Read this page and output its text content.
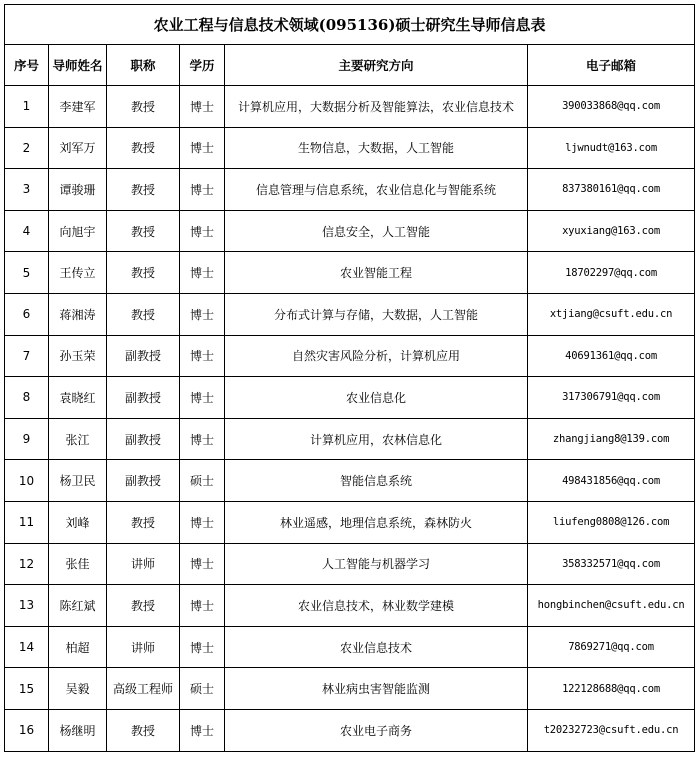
农业工程与信息技术领域(095136)硕士研究生导师信息表					
序号	导师姓名	职称	学历	主要研究方向	电子邮箱
1	李建军	教授	博士	计算机应用，大数据分析及智能算法，农业信息技术	390033868@qq.com
2	刘军万	教授	博士	生物信息，大数据，人工智能	ljwnudt@163.com
3	谭骏珊	教授	博士	信息管理与信息系统，农业信息化与智能系统	837380161@qq.com
4	向旭宇	教授	博士	信息安全，人工智能	xyuxiang@163.com
5	王传立	教授	博士	农业智能工程	18702297@qq.com
6	蒋湘涛	教授	博士	分布式计算与存储，大数据，人工智能	xtjiang@csuft.edu.cn
7	孙玉荣	副教授	博士	自然灾害风险分析，计算机应用	40691361@qq.com
8	袁晓红	副教授	博士	农业信息化	317306791@qq.com
9	张江	副教授	博士	计算机应用，农林信息化	zhangjiang8@139.com
10	杨卫民	副教授	硕士	智能信息系统	498431856@qq.com
11	刘峰	教授	博士	林业遥感，地理信息系统，森林防火	liufeng0808@126.com
12	张佳	讲师	博士	人工智能与机器学习	358332571@qq.com
13	陈红斌	教授	博士	农业信息技术，林业数学建模	hongbinchen@csuft.edu.cn
14	柏超	讲师	博士	农业信息技术	7869271@qq.com
15	吴毅	高级工程师	硕士	林业病虫害智能监测	122128688@qq.com
16	杨继明	教授	博士	农业电子商务	t20232723@csuft.edu.cn
